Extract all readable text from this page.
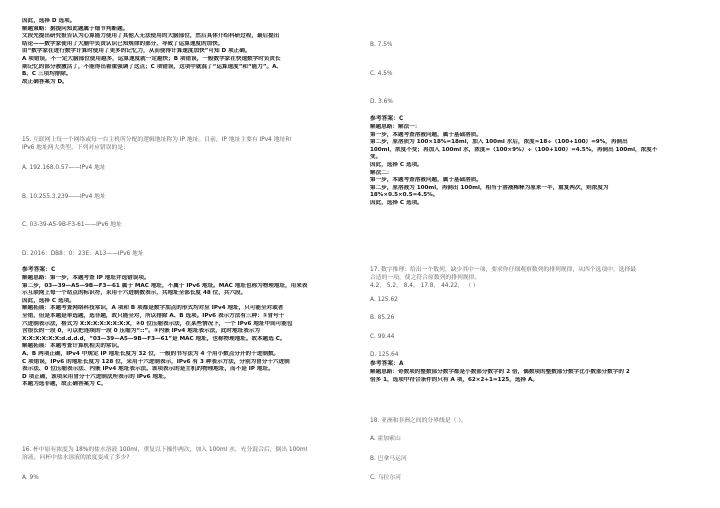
因此，选择 D 选项。
解题策略：据提问知此题属于细节判断题。
文段先提出研究报告认为心算能力使用了其他人无法使用的大脑部位，然后具体介绍科研过程，最后提出
结论——数学家使用了大脑中负责认识已知规律的部分，导致了运算速度的加快。
由“数学家在进行数学计算时使用了更多的记忆力，从而使得计算速度加快”可知 D 项正确。
A 项错误，不一定大脑部位使用越多，运算速度就一定越快；B 项错误，一般数学家在快速数学时负责长
期记忆的部分被激活了，不能得出着重强调了这点；C 项错误，这项中就混了“运算速度”和“能力”。A、
B、C 三项均排除。
故正确答案为 D。
15. 互联网上每一个网络或每一台主机所分配的逻辑地址称为 IP 地址。目前，IP 地址主要有 IPv4 地址和
IPv6 地址两大类型。下列对应错误的是：
A. 192.168.0.57——IPv4 地址
B. 10.255.3.239——IPv4 地址
C. 03-39-A5-9B-F3-61——IPv6 地址
D. 2016：DB8：0：23E：A13——IPv6 地址
参考答案：C
解题思路：第一步，本题考查 IP 地址并选错误项。
第二步，03—39—A5—9B—F3—61 属于 MAC 地址，不属于 IPv6 地址。MAC 地址也称为物理地址，用来表
示互联网上每一个站点的标识符，采用十六进制数表示，共地址全部长度 48 位，共六段。
因此，选择 C 选项。
解题拓展：本题考查网络科技常识，A 项和 B 项都是数字加点的形式均对应 IPv4 地址，只可能全对或者
全错，但是本题是单选题，选非题，故只能全对，所以排除 A、B 选项。IPv6 表示方法有三种：①冒号十
六进制表示法，格式为 X:X:X:X:X:X:X:X，②0 位压缩表示法，在某些情况下，一个 IPv6 地址中间可能包
含很长的一段 0，可以把连续的一段 0 压缩为“::”。③内嵌 IPv4 地址表示法，此时地址表示为
X:X:X:X:X:X:d.d.d.d，“03—39—A5—9B—F3—61”是 MAC 地址，也称物理地址。故本题选 C。
解题拓展：本题考查计算机相关的常识。
A、B 两项正确，IPv4 中规定 IP 地址长度为 32 位，一般的书写法为 4 个用小数点分开的十进制数。
C 项错误，IPv6 的地址长度为 128 位，采用十六进制表示，IPv6 有 3 种表示方法，分别为冒分十六进制
表示法、0 位压缩表示法、内嵌 IPv4 地址表示法。该项表示的是主机的物理地址，而不是 IP 地址。
D 项正确，该项采用冒分十六进制法所表示的 IPv6 地址。
本题为选非题，故正确答案为 C。
16. 杯中原有浓度为 18%的盐水溶液 100ml，重复以下操作两次，加入 100ml 水，充分混合后，倒出 100ml
溶液。问杯中盐水溶液的浓度变成了多少?
A. 9%
B. 7.5%
C. 4.5%
D. 3.6%
参考答案：C
解题思路：解法一：
第一步，本题考查溶液问题，属于基础溶质。
第二步，原溶质为 100×18%=18ml，加入 100ml 水后，浓度=18÷（100+100）=9%，再倒出
100ml，浓度不变；再加入 100ml 水，浓度=（100×9%）÷（100+100）=4.5%，再倒出 100ml，浓度不
变。
因此，选择 C 选项。
解法二：
第一步，本题考查溶液问题，属于基础溶质。
第二步，原溶液为 100ml，再倒出 100ml，相当于溶液稀释为原来一半，重复两次，则浓度为
18%×0.5×0.5=4.5%。
因此，选择 C 选项。
17. 数字推理：给出一个数列，缺少其中一项，要求你仔细观察数列的排列规律，从四个选项中，选择最
合适的一项，使之符合原数列的排列规律。
4.2， 5.2， 8.4， 17.8， 44.22， （ ）
A. 125.62
B. 85.26
C. 99.44
D. 125.64
参考答案：A
解题思路：奇数项的整数部分数字都是小数部分数字的 2 倍，偶数项的整数部分数字比小数部分数字的 2
倍多 1，选项中符合条件的只有 A 项，62×2+1=125，选择 A。
18. 亚洲和非洲之间的分界线是（ ）。
A. 霍加索山
B. 巴拿马运河
C. 乌拉尔河
